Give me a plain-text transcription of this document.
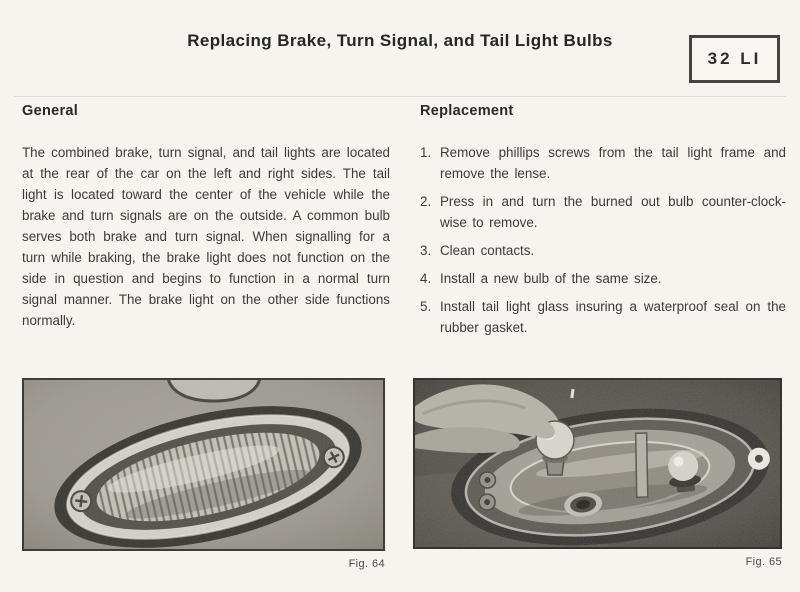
Replacing Brake, Turn Signal, and Tail Light Bulbs
32 LI
General

The combined brake, turn signal, and tail lights are located at the rear of the car on the left and right sides. The tail light is located toward the center of the vehicle while the brake and turn signals are on the outside. A common bulb serves both brake and turn signal. When signalling for a turn while braking, the brake light does not function on the side in question and begins to function in a normal turn signal manner. The brake light on the other side functions normally.

Replacement
1. Remove phillips screws from the tail light frame and remove the lense.
2. Press in and turn the burned out bulb counter-clock-wise to remove.
3. Clean contacts.
4. Install a new bulb of the same size.
5. Install tail light glass insuring a waterproof seal on the rubber gasket.
Fig. 64	Fig. 65
